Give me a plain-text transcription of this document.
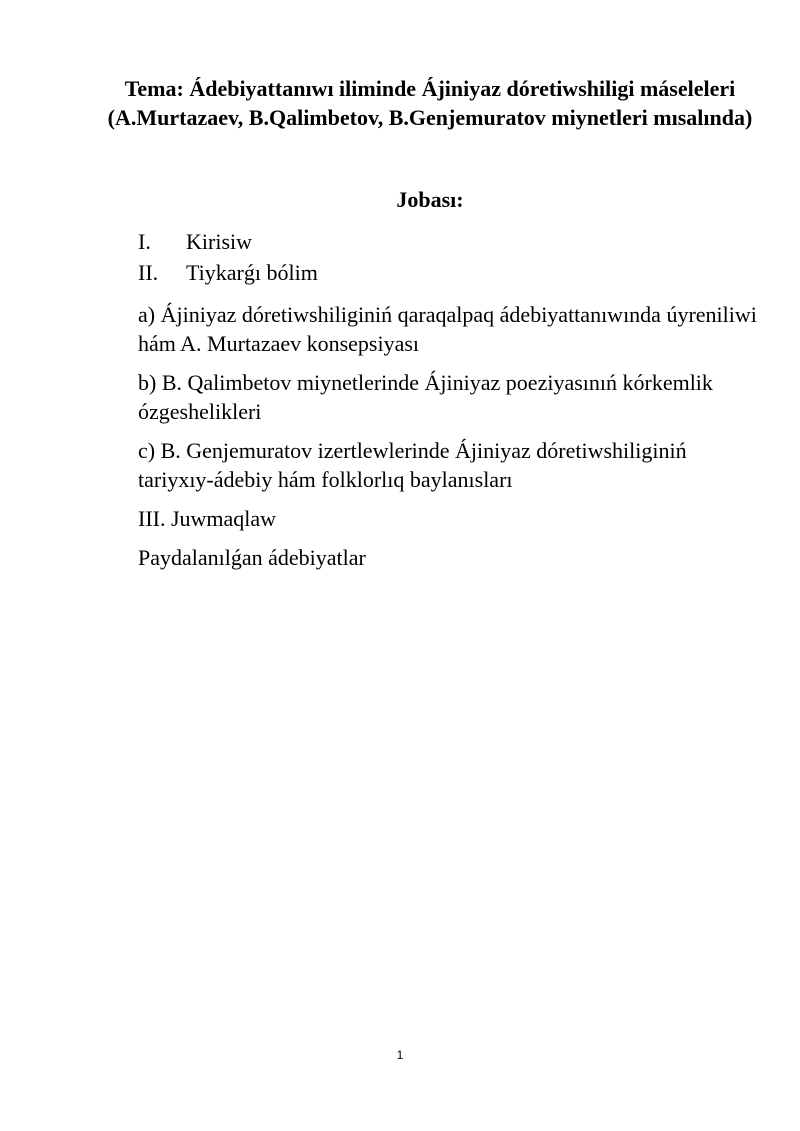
Tema: Ádebiyattanıwı iliminde Ájiniyaz dóretiwshiligi máseleleri (A.Murtazaev, B.Qalimbetov, B.Genjemuratov miynetleri mısalında)
Jobası:
I.	Kirisiw
II.	Tiykarǵı bólim
a) Ájiniyaz dóretiwshiliginiń qaraqalpaq ádebiyattanıwında úyreniliwi hám A. Murtazaev konsepsiyası
b) B. Qalimbetov miynetlerinde Ájiniyaz poeziyasınıń kórkemlik ózgeshelikleri
c) B. Genjemuratov izertlewlerinde Ájiniyaz dóretiwshiliginiń tariyxıy-ádebiy hám folklorlıq baylanısları
III. Juwmaqlaw
Paydalanılǵan ádebiyatlar
1
